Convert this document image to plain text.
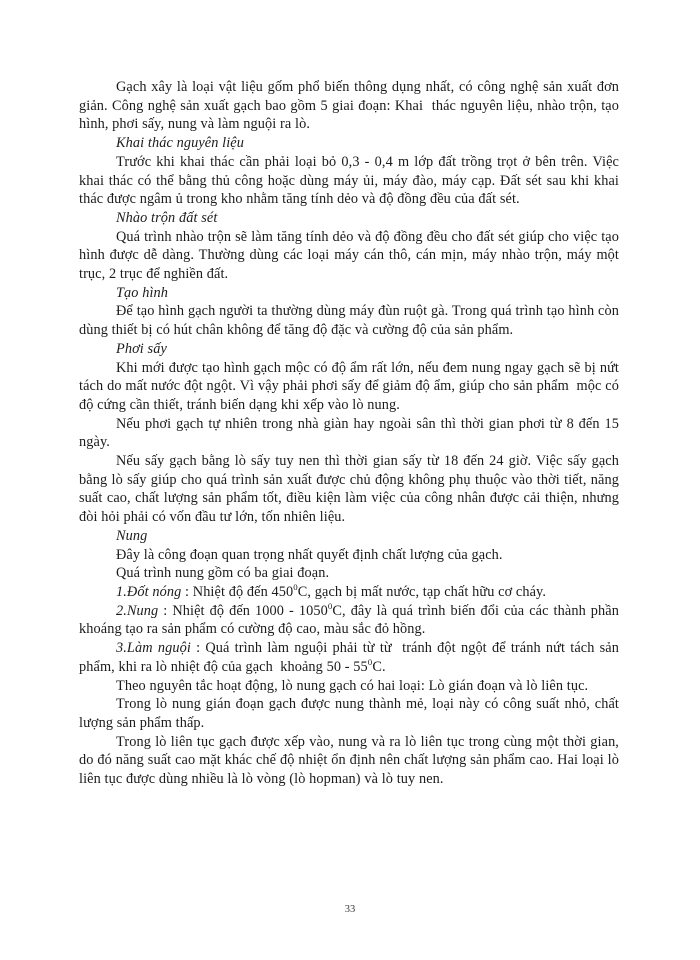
Gạch xây là loại vật liệu gốm phổ biến thông dụng nhất, có công nghệ sản xuất đơn giản. Công nghệ sản xuất gạch bao gồm 5 giai đoạn: Khai  thác nguyên liệu, nhào trộn, tạo hình, phơi sấy, nung và làm nguội ra lò.

Khai thác nguyên liệu

Trước khi khai thác cần phải loại bỏ 0,3 - 0,4 m lớp đất trồng trọt ở bên trên. Việc khai thác có thể bằng thủ công hoặc dùng máy ủi, máy đào, máy cạp. Đất sét sau khi khai thác được ngâm ủ trong kho nhằm tăng tính dẻo và độ đồng đều của đất sét.

Nhào trộn đất sét

Quá trình nhào trộn sẽ làm tăng tính dẻo và độ đồng đều cho đất sét giúp cho việc tạo hình được dễ dàng. Thường dùng các loại máy cán thô, cán mịn, máy nhào trộn, máy một trục, 2 trục để nghiền đất.

Tạo hình

Để tạo hình gạch người ta thường dùng máy đùn ruột gà. Trong quá trình tạo hình còn dùng thiết bị có hút chân không để tăng độ đặc và cường độ của sản phẩm.

Phơi sấy

Khi mới được tạo hình gạch mộc có độ ẩm rất lớn, nếu đem nung ngay gạch sẽ bị nứt tách do mất nước đột ngột. Vì vậy phải phơi sấy để giảm độ ẩm, giúp cho sản phẩm  mộc có độ cứng cần thiết, tránh biến dạng khi xếp vào lò nung.

Nếu phơi gạch tự nhiên trong nhà giàn hay ngoài sân thì thời gian phơi từ 8 đến 15 ngày.

Nếu sấy gạch bằng lò sấy tuy nen thì thời gian sấy từ 18 đến 24 giờ. Việc sấy gạch bằng lò sấy giúp cho quá trình sản xuất được chủ động không phụ thuộc vào thời tiết, năng suất cao, chất lượng sản phẩm tốt, điều kiện làm việc của công nhân được cải thiện, nhưng đòi hỏi phải có vốn đầu tư lớn, tốn nhiên liệu.

Nung

Đây là công đoạn quan trọng nhất quyết định chất lượng của gạch.

Quá trình nung gồm có ba giai đoạn.

1.Đốt nóng : Nhiệt độ đến $450^0C$, gạch bị mất nước, tạp chất hữu cơ cháy.

2.Nung : Nhiệt độ đến 1000 - 1050$^0$C, đây là quá trình biến đổi của các thành phần khoáng tạo ra sản phẩm có cường độ cao, màu sắc đỏ hồng.

3.Làm nguội : Quá trình làm nguội phải từ từ  tránh đột ngột để tránh nứt tách sản phẩm, khi ra lò nhiệt độ của gạch  khoảng $50 - 55^0C$.

Theo nguyên tắc hoạt động, lò nung gạch có hai loại: Lò gián đoạn và lò liên tục.

Trong lò nung gián đoạn gạch được nung thành mẻ, loại này có công suất nhỏ, chất lượng sản phẩm thấp.

Trong lò liên tục gạch được xếp vào, nung và ra lò liên tục trong cùng một thời gian, do đó năng suất cao mặt khác chế độ nhiệt ổn định nên chất lượng sản phẩm cao. Hai loại lò liên tục được dùng nhiều là lò vòng (lò hopman) và lò tuy nen.

33
